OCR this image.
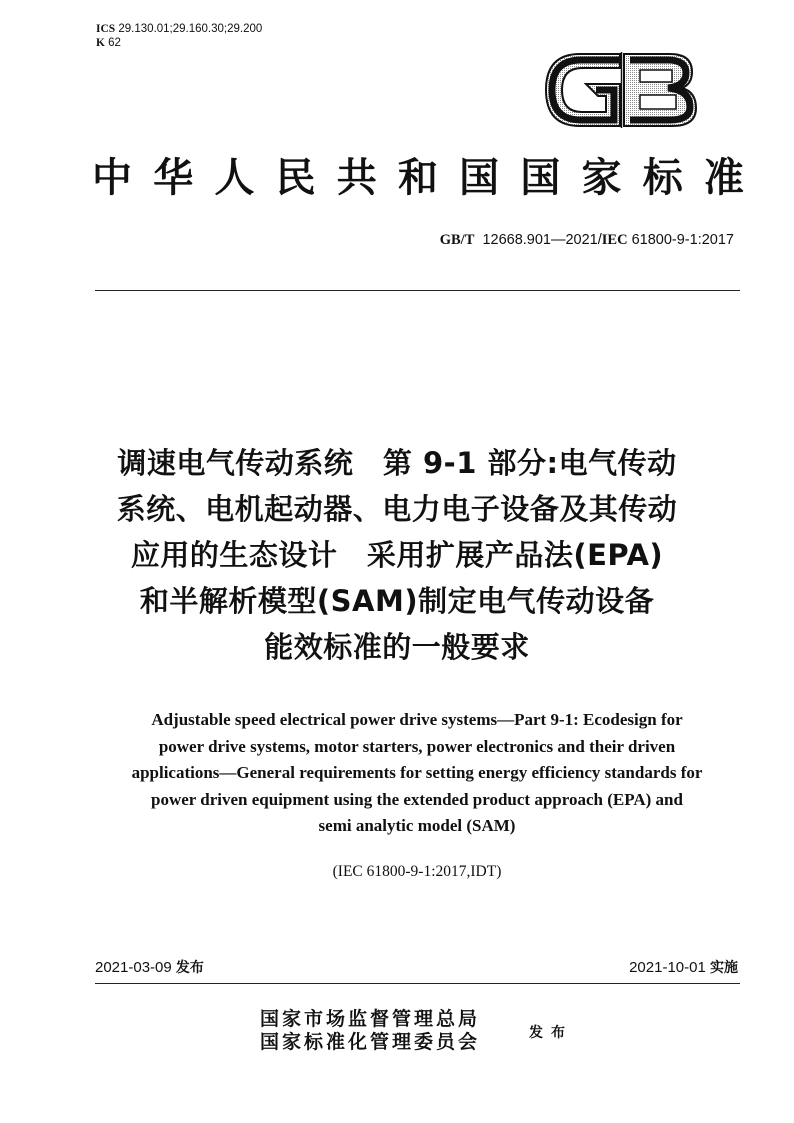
ICS 29.130.01;29.160.30;29.200
K 62
中 华 人 民 共 和 国 国 家 标 准
GB/T 12668.901—2021/IEC 61800-9-1:2017
调速电气传动系统　第 9-1 部分:电气传动
系统、电机起动器、电力电子设备及其传动
应用的生态设计　采用扩展产品法(EPA)
和半解析模型(SAM)制定电气传动设备
能效标准的一般要求
Adjustable speed electrical power drive systems—Part 9-1: Ecodesign for
power drive systems, motor starters, power electronics and their driven
applications—General requirements for setting energy efficiency standards for
power driven equipment using the extended product approach (EPA) and
semi analytic model (SAM)
(IEC 61800-9-1:2017,IDT)
2021-03-09 发布	2021-10-01 实施
国家市场监督管理总局
国家标准化管理委员会	发布
